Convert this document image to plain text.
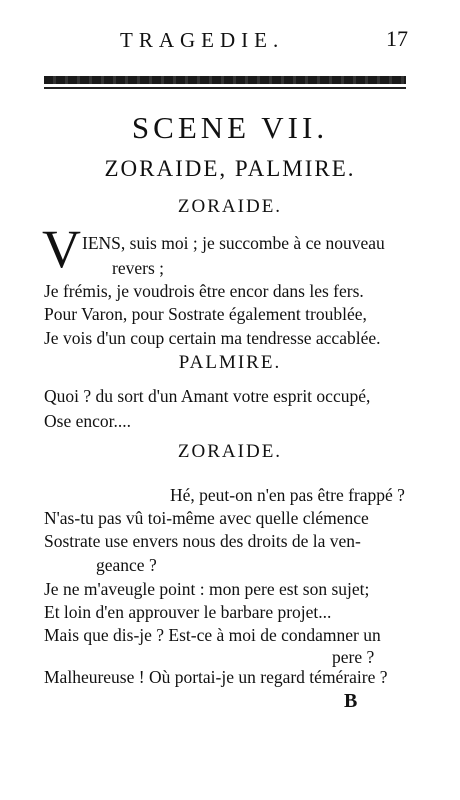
TRAGEDIE.	17
SCENE VII.
ZORAIDE, PALMIRE.
ZORAIDE.
V IENS, suis moi ; je succombe à ce nouveau
revers ;
Je frémis, je voudrois être encor dans les fers.
Pour Varon, pour Sostrate également troublée,
Je vois d'un coup certain ma tendresse accablée.
PALMIRE.
Quoi ? du sort d'un Amant votre esprit occupé,
Ose encor....
ZORAIDE.
Hé, peut-on n'en pas être frappé ?
N'as-tu pas vû toi-même avec quelle clémence
Sostrate use envers nous des droits de la ven-
geance ?
Je ne m'aveugle point : mon pere est son sujet;
Et loin d'en approuver le barbare projet...
Mais que dis-je ? Est-ce à moi de condamner un
pere ?
Malheureuse ! Où portai-je un regard téméraire ?
B
